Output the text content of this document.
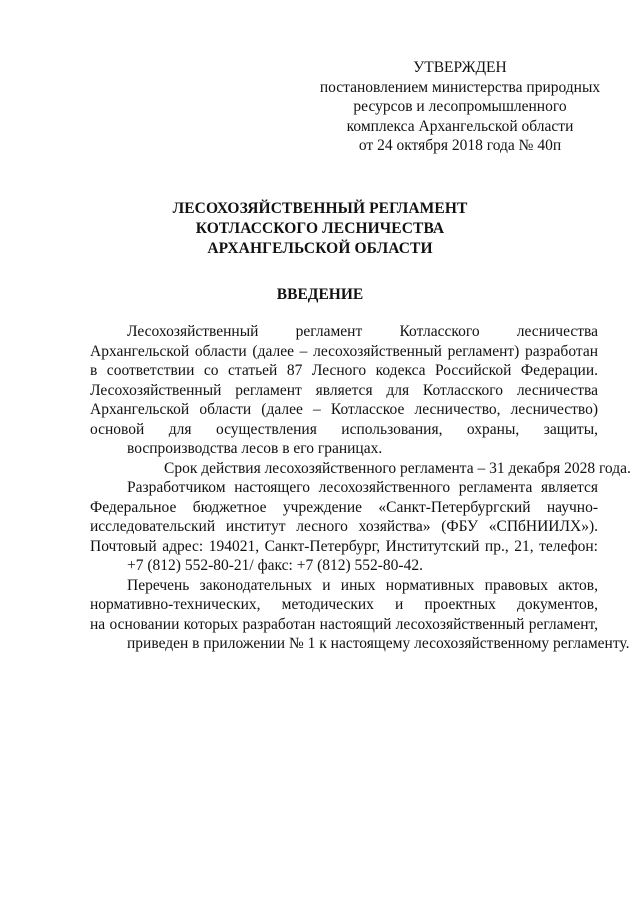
УТВЕРЖДЕН
постановлением министерства природных
ресурсов и лесопромышленного
комплекса Архангельской области
от 24 октября 2018 года № 40п
ЛЕСОХОЗЯЙСТВЕННЫЙ РЕГЛАМЕНТ
КОТЛАССКОГО ЛЕСНИЧЕСТВА
АРХАНГЕЛЬСКОЙ ОБЛАСТИ
ВВЕДЕНИЕ
Лесохозяйственный регламент Котласского лесничества
Архангельской области (далее – лесохозяйственный регламент) разработан
в соответствии со статьей 87 Лесного кодекса Российской Федерации.
Лесохозяйственный регламент является для Котласского лесничества
Архангельской области (далее – Котласское лесничество, лесничество)
основой для осуществления использования, охраны, защиты,
воспроизводства лесов в его границах.
Срок действия лесохозяйственного регламента – 31 декабря 2028 года.
Разработчиком настоящего лесохозяйственного регламента является
Федеральное бюджетное учреждение «Санкт-Петербургский научно-
исследовательский институт лесного хозяйства» (ФБУ «СПбНИИЛХ»).
Почтовый адрес: 194021, Санкт-Петербург, Институтский пр., 21, телефон:
+7 (812) 552-80-21/ факс: +7 (812) 552-80-42.
Перечень законодательных и иных нормативных правовых актов,
нормативно-технических, методических и проектных документов,
на основании которых разработан настоящий лесохозяйственный регламент,
приведен в приложении № 1 к настоящему лесохозяйственному регламенту.
